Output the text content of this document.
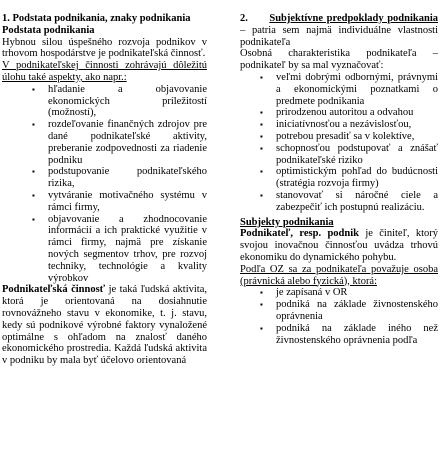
1. Podstata podnikania, znaky podnikania

Podstata podnikania

Hybnou silou úspešného rozvoja podnikov v trhovom hospodárstve je podnikateľská činnosť.

V podnikateľskej činnosti zohrávajú dôležitú úlohu také aspekty, ako napr.:

▪ hľadanie a objavovanie ekonomických príležitostí (možností),
▪ rozdeľovanie finančných zdrojov pre dané podnikateľské aktivity, preberanie zodpovednosti za riadenie podniku
▪ podstupovanie podnikateľského rizika,
▪ vytváranie motivačného systému v rámci firmy,
▪ objavovanie a zhodnocovanie informácií a ich praktické využitie v rámci firmy, najmä pre získanie nových segmentov trhov, pre rozvoj techniky, technológie a kvality výrobkov

Podnikateľská činnosť je taká ľudská aktivita, ktorá je orientovaná na dosiahnutie rovnovážneho stavu v ekonomike, t. j. stavu, kedy sú podnikové výrobné faktory vynaložené optimálne s ohľadom na znalosť daného ekonomického prostredia. Každá ľudská aktivita v podniku by mala byť účelovo orientovaná

2. Subjektívne predpoklady podnikania – patria sem najmä individuálne vlastnosti podnikateľa

Osobná charakteristika podnikateľa – podnikateľ by sa mal vyznačovať:

▪ veľmi dobrými odbornými, právnymi a ekonomickými poznatkami o predmete podnikania
▪ prirodzenou autoritou a odvahou
▪ iniciatívnosťou a nezávislosťou,
▪ potrebou presadiť sa v kolektíve,
▪ schopnosťou podstupovať a znášať podnikateľské riziko
▪ optimistickým pohľad do budúcnosti (stratégia rozvoja firmy)
▪ stanovovať si náročné ciele a zabezpečiť ich postupnú realizáciu.

Subjekty podnikania

Podnikateľ, resp. podnik je činiteľ, ktorý svojou inovačnou činnosťou uvádza trhovú ekonomiku do dynamického pohybu.

Podľa OZ sa za podnikateľa považuje osoba (právnická alebo fyzická), ktorá:

▪ je zapísaná v OR
▪ podniká na základe živnostenského oprávnenia
▪ podniká na základe iného než živnostenského oprávnenia podľa
